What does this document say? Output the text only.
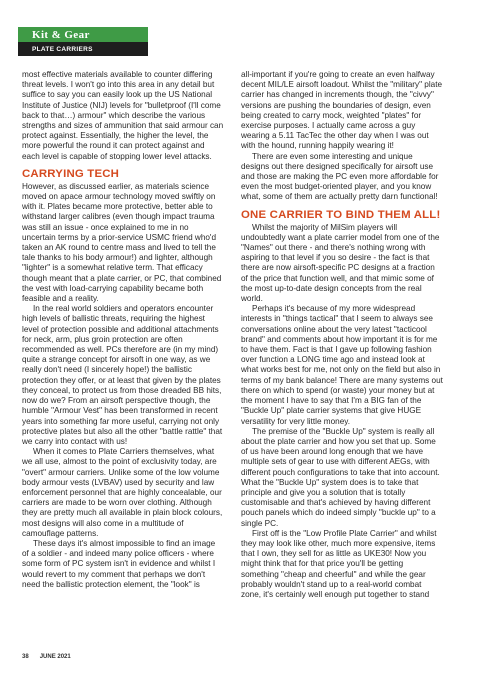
Kit & Gear
PLATE CARRIERS

most effective materials available to counter differing threat levels. I won't go into this area in any detail but suffice to say you can easily look up the US National Institute of Justice (NIJ) levels for "bulletproof (I'll come back to that…) armour" which describe the various strengths and sizes of ammunition that said armour can protect against. Essentially, the higher the level, the more powerful the round it can protect against and each level is capable of stopping lower level attacks.

CARRYING TECH

However, as discussed earlier, as materials science moved on apace armour technology moved swiftly on with it. Plates became more protective, better able to withstand larger calibres (even though impact trauma was still an issue - once explained to me in no uncertain terms by a prior-service USMC friend who'd taken an AK round to centre mass and lived to tell the tale thanks to his body armour!) and lighter, although "lighter" is a somewhat relative term. That efficacy though meant that a plate carrier, or PC, that combined the vest with load-carrying capability became both feasible and a reality.

In the real world soldiers and operators encounter high levels of ballistic threats, requiring the highest level of protection possible and additional attachments for neck, arm, plus groin protection are often recommended as well. PCs therefore are (in my mind) quite a strange concept for airsoft in one way, as we really don't need (I sincerely hope!) the ballistic protection they offer, or at least that given by the plates they conceal, to protect us from those dreaded BB hits, now do we? From an airsoft perspective though, the humble "Armour Vest" has been transformed in recent years into something far more useful, carrying not only protective plates but also all the other "battle rattle" that we carry into contact with us!

When it comes to Plate Carriers themselves, what we all use, almost to the point of exclusivity today, are "overt" armour carriers. Unlike some of the low volume body armour vests (LVBAV) used by security and law enforcement personnel that are highly concealable, our carriers are made to be worn over clothing. Although they are pretty much all available in plain block colours, most designs will also come in a multitude of camouflage patterns.

These days it's almost impossible to find an image of a soldier - and indeed many police officers - where some form of PC system isn't in evidence and whilst I would revert to my comment that perhaps we don't need the ballistic protection element, the "look" is

all-important if you're going to create an even halfway decent MIL/LE airsoft loadout. Whilst the "military" plate carrier has changed in increments though, the "civvy" versions are pushing the boundaries of design, even being created to carry mock, weighted "plates" for exercise purposes. I actually came across a guy wearing a 5.11 TacTec the other day when I was out with the hound, running happily wearing it!

There are even some interesting and unique designs out there designed specifically for airsoft use and those are making the PC even more affordable for even the most budget-oriented player, and you know what, some of them are actually pretty darn functional!

ONE CARRIER TO BIND THEM ALL!

Whilst the majority of MilSim players will undoubtedly want a plate carrier model from one of the "Names" out there - and there's nothing wrong with aspiring to that level if you so desire - the fact is that there are now airsoft-specific PC designs at a fraction of the price that function well, and that mimic some of the most up-to-date design concepts from the real world.

Perhaps it's because of my more widespread interests in "things tactical" that I seem to always see conversations online about the very latest "tacticool brand" and comments about how important it is for me to have them. Fact is that I gave up following fashion over function a LONG time ago and instead look at what works best for me, not only on the field but also in terms of my bank balance! There are many systems out there on which to spend (or waste) your money but at the moment I have to say that I'm a BIG fan of the "Buckle Up" plate carrier systems that give HUGE versatility for very little money.

The premise of the "Buckle Up" system is really all about the plate carrier and how you set that up. Some of us have been around long enough that we have multiple sets of gear to use with different AEGs, with different pouch configurations to take that into account. What the "Buckle Up" system does is to take that principle and give you a solution that is totally customisable and that's achieved by having different pouch panels which do indeed simply "buckle up" to a single PC.

First off is the "Low Profile Plate Carrier" and whilst they may look like other, much more expensive, items that I own, they sell for as little as UKE30! Now you might think that for that price you'll be getting something "cheap and cheerful" and while the gear probably wouldn't stand up to a real-world combat zone, it's certainly well enough put together to stand

38 JUNE 2021
